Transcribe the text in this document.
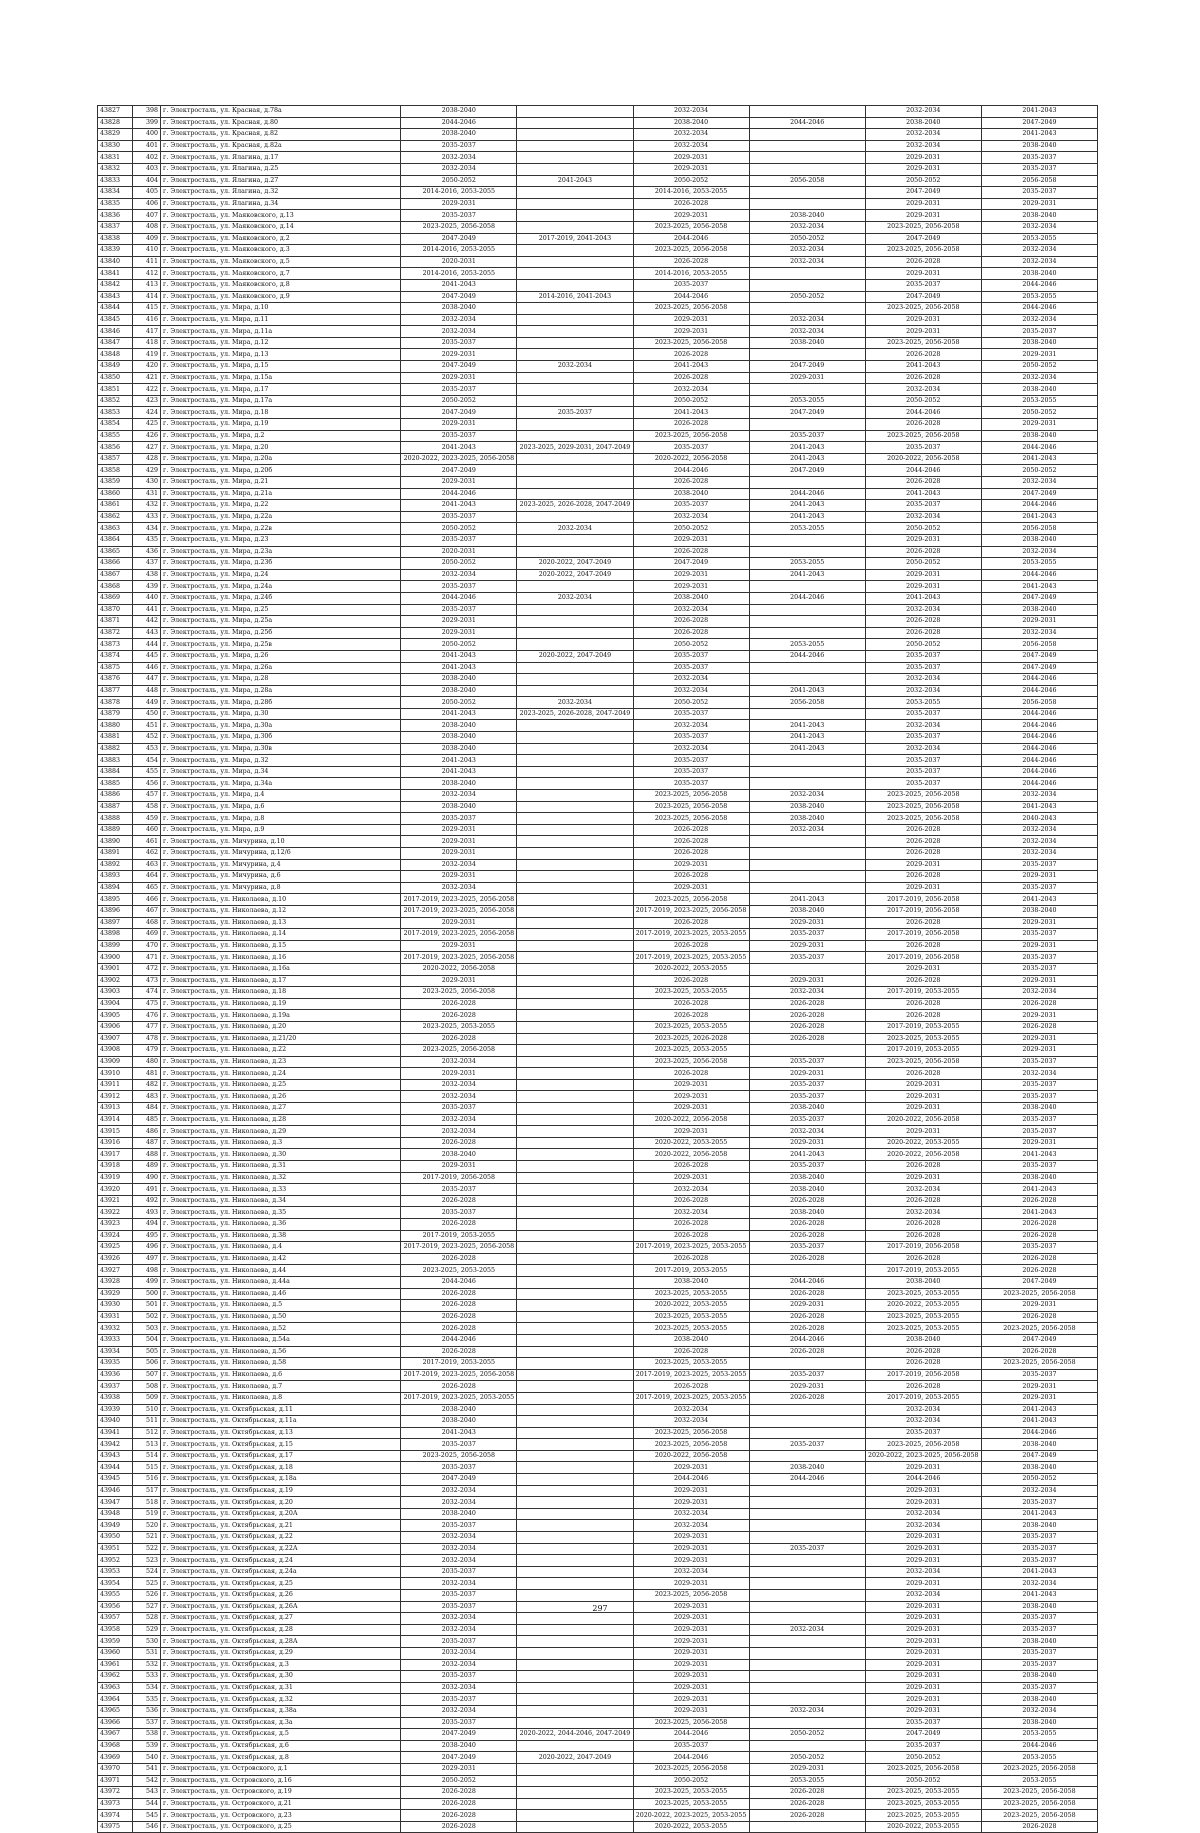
43827	398	г. Электросталь, ул. Красная, д.78а	2038-2040		2032-2034		2032-2034	2041-2043
43828	399	г. Электросталь, ул. Красная, д.80	2044-2046		2038-2040	2044-2046	2038-2040	2047-2049
43829	400	г. Электросталь, ул. Красная, д.82	2038-2040		2032-2034		2032-2034	2041-2043
43830	401	г. Электросталь, ул. Красная, д.82а	2035-2037		2032-2034		2032-2034	2038-2040
43831	402	г. Электросталь, ул. Ялагина, д.17	2032-2034		2029-2031		2029-2031	2035-2037
43832	403	г. Электросталь, ул. Ялагина, д.25	2032-2034		2029-2031		2029-2031	2035-2037
43833	404	г. Электросталь, ул. Ялагина, д.27	2050-2052	2041-2043	2050-2052	2056-2058	2050-2052	2056-2058
43834	405	г. Электросталь, ул. Ялагина, д.32	2014-2016, 2053-2055		2014-2016, 2053-2055		2047-2049	2035-2037
43835	406	г. Электросталь, ул. Ялагина, д.34	2029-2031		2026-2028		2029-2031	2029-2031
43836	407	г. Электросталь, ул. Маяковского, д.13	2035-2037		2029-2031	2038-2040	2029-2031	2038-2040
43837	408	г. Электросталь, ул. Маяковского, д.14	2023-2025, 2056-2058		2023-2025, 2056-2058	2032-2034	2023-2025, 2056-2058	2032-2034
43838	409	г. Электросталь, ул. Маяковского, д.2	2047-2049	2017-2019, 2041-2043	2044-2046	2050-2052	2047-2049	2053-2055
43839	410	г. Электросталь, ул. Маяковского, д.3	2014-2016, 2053-2055		2023-2025, 2056-2058	2032-2034	2023-2025, 2056-2058	2032-2034
43840	411	г. Электросталь, ул. Маяковского, д.5	2020-2031		2026-2028	2032-2034	2026-2028	2032-2034
43841	412	г. Электросталь, ул. Маяковского, д.7	2014-2016, 2053-2055		2014-2016, 2053-2055		2029-2031	2038-2040
43842	413	г. Электросталь, ул. Маяковского, д.8	2041-2043		2035-2037		2035-2037	2044-2046
43843	414	г. Электросталь, ул. Маяковского, д.9	2047-2049	2014-2016, 2041-2043	2044-2046	2050-2052	2047-2049	2053-2055
43844	415	г. Электросталь, ул. Мира, д.10	2038-2040		2023-2025, 2056-2058		2023-2025, 2056-2058	2044-2046
43845	416	г. Электросталь, ул. Мира, д.11	2032-2034		2029-2031	2032-2034	2029-2031	2032-2034
43846	417	г. Электросталь, ул. Мира, д.11а	2032-2034		2029-2031	2032-2034	2029-2031	2035-2037
43847	418	г. Электросталь, ул. Мира, д.12	2035-2037		2023-2025, 2056-2058	2038-2040	2023-2025, 2056-2058	2038-2040
43848	419	г. Электросталь, ул. Мира, д.13	2029-2031		2026-2028		2026-2028	2029-2031
43849	420	г. Электросталь, ул. Мира, д.15	2047-2049	2032-2034	2041-2043	2047-2049	2041-2043	2050-2052
43850	421	г. Электросталь, ул. Мира, д.15а	2029-2031		2026-2028	2029-2031	2026-2028	2032-2034
43851	422	г. Электросталь, ул. Мира, д.17	2035-2037		2032-2034		2032-2034	2038-2040
43852	423	г. Электросталь, ул. Мира, д.17а	2050-2052		2050-2052	2053-2055	2050-2052	2053-2055
43853	424	г. Электросталь, ул. Мира, д.18	2047-2049	2035-2037	2041-2043	2047-2049	2044-2046	2050-2052
43854	425	г. Электросталь, ул. Мира, д.19	2029-2031		2026-2028		2026-2028	2029-2031
43855	426	г. Электросталь, ул. Мира, д.2	2035-2037		2023-2025, 2056-2058	2035-2037	2023-2025, 2056-2058	2038-2040
43856	427	г. Электросталь, ул. Мира, д.20	2041-2043	2023-2025, 2029-2031, 2047-2049	2035-2037	2041-2043	2035-2037	2044-2046
43857	428	г. Электросталь, ул. Мира, д.20а	2020-2022, 2023-2025, 2056-2058		2020-2022, 2056-2058	2041-2043	2020-2022, 2056-2058	2041-2043
43858	429	г. Электросталь, ул. Мира, д.20б	2047-2049		2044-2046	2047-2049	2044-2046	2050-2052
43859	430	г. Электросталь, ул. Мира, д.21	2029-2031		2026-2028		2026-2028	2032-2034
43860	431	г. Электросталь, ул. Мира, д.21а	2044-2046		2038-2040	2044-2046	2041-2043	2047-2049
43861	432	г. Электросталь, ул. Мира, д.22	2041-2043	2023-2025, 2026-2028, 2047-2049	2035-2037	2041-2043	2035-2037	2044-2046
43862	433	г. Электросталь, ул. Мира, д.22а	2035-2037		2032-2034	2041-2043	2032-2034	2041-2043
43863	434	г. Электросталь, ул. Мира, д.22в	2050-2052	2032-2034	2050-2052	2053-2055	2050-2052	2056-2058
43864	435	г. Электросталь, ул. Мира, д.23	2035-2037		2029-2031		2029-2031	2038-2040
43865	436	г. Электросталь, ул. Мира, д.23а	2020-2031		2026-2028		2026-2028	2032-2034
43866	437	г. Электросталь, ул. Мира, д.23б	2050-2052	2020-2022, 2047-2049	2047-2049	2053-2055	2050-2052	2053-2055
43867	438	г. Электросталь, ул. Мира, д.24	2032-2034	2020-2022, 2047-2049	2029-2031	2041-2043	2029-2031	2044-2046
43868	439	г. Электросталь, ул. Мира, д.24а	2035-2037		2029-2031		2029-2031	2041-2043
43869	440	г. Электросталь, ул. Мира, д.24б	2044-2046	2032-2034	2038-2040	2044-2046	2041-2043	2047-2049
43870	441	г. Электросталь, ул. Мира, д.25	2035-2037		2032-2034		2032-2034	2038-2040
43871	442	г. Электросталь, ул. Мира, д.25а	2029-2031		2026-2028		2026-2028	2029-2031
43872	443	г. Электросталь, ул. Мира, д.25б	2029-2031		2026-2028		2026-2028	2032-2034
43873	444	г. Электросталь, ул. Мира, д.25в	2050-2052		2050-2052	2053-2055	2050-2052	2056-2058
43874	445	г. Электросталь, ул. Мира, д.26	2041-2043	2020-2022, 2047-2049	2035-2037	2044-2046	2035-2037	2047-2049
43875	446	г. Электросталь, ул. Мира, д.26а	2041-2043		2035-2037		2035-2037	2047-2049
43876	447	г. Электросталь, ул. Мира, д.28	2038-2040		2032-2034		2032-2034	2044-2046
43877	448	г. Электросталь, ул. Мира, д.28а	2038-2040		2032-2034	2041-2043	2032-2034	2044-2046
43878	449	г. Электросталь, ул. Мира, д.28б	2050-2052	2032-2034	2050-2052	2056-2058	2053-2055	2056-2058
43879	450	г. Электросталь, ул. Мира, д.30	2041-2043	2023-2025, 2026-2028, 2047-2049	2035-2037		2035-2037	2044-2046
43880	451	г. Электросталь, ул. Мира, д.30а	2038-2040		2032-2034	2041-2043	2032-2034	2044-2046
43881	452	г. Электросталь, ул. Мира, д.30б	2038-2040		2035-2037	2041-2043	2035-2037	2044-2046
43882	453	г. Электросталь, ул. Мира, д.30в	2038-2040		2032-2034	2041-2043	2032-2034	2044-2046
43883	454	г. Электросталь, ул. Мира, д.32	2041-2043		2035-2037		2035-2037	2044-2046
43884	455	г. Электросталь, ул. Мира, д.34	2041-2043		2035-2037		2035-2037	2044-2046
43885	456	г. Электросталь, ул. Мира, д.34а	2038-2040		2035-2037		2035-2037	2044-2046
43886	457	г. Электросталь, ул. Мира, д.4	2032-2034		2023-2025, 2056-2058	2032-2034	2023-2025, 2056-2058	2032-2034
43887	458	г. Электросталь, ул. Мира, д.6	2038-2040		2023-2025, 2056-2058	2038-2040	2023-2025, 2056-2058	2041-2043
43888	459	г. Электросталь, ул. Мира, д.8	2035-2037		2023-2025, 2056-2058	2038-2040	2023-2025, 2056-2058	2040-2043
43889	460	г. Электросталь, ул. Мира, д.9	2029-2031		2026-2028	2032-2034	2026-2028	2032-2034
43890	461	г. Электросталь, ул. Мичурина, д.10	2029-2031		2026-2028		2026-2028	2032-2034
43891	462	г. Электросталь, ул. Мичурина, д.12/6	2029-2031		2026-2028		2026-2028	2032-2034
43892	463	г. Электросталь, ул. Мичурина, д.4	2032-2034		2029-2031		2029-2031	2035-2037
43893	464	г. Электросталь, ул. Мичурина, д.6	2029-2031		2026-2028		2026-2028	2029-2031
43894	465	г. Электросталь, ул. Мичурина, д.8	2032-2034		2029-2031		2029-2031	2035-2037
43895	466	г. Электросталь, ул. Николаева, д.10	2017-2019, 2023-2025, 2056-2058		2023-2025, 2056-2058	2041-2043	2017-2019, 2056-2058	2041-2043
43896	467	г. Электросталь, ул. Николаева, д.12	2017-2019, 2023-2025, 2056-2058		2017-2019, 2023-2025, 2056-2058	2038-2040	2017-2019, 2056-2058	2038-2040
43897	468	г. Электросталь, ул. Николаева, д.13	2029-2031		2026-2028	2029-2031	2026-2028	2029-2031
43898	469	г. Электросталь, ул. Николаева, д.14	2017-2019, 2023-2025, 2056-2058		2017-2019, 2023-2025, 2053-2055	2035-2037	2017-2019, 2056-2058	2035-2037
43899	470	г. Электросталь, ул. Николаева, д.15	2029-2031		2026-2028	2029-2031	2026-2028	2029-2031
43900	471	г. Электросталь, ул. Николаева, д.16	2017-2019, 2023-2025, 2056-2058		2017-2019, 2023-2025, 2053-2055	2035-2037	2017-2019, 2056-2058	2035-2037
43901	472	г. Электросталь, ул. Николаева, д.16а	2020-2022, 2056-2058		2020-2022, 2053-2055		2029-2031	2035-2037
43902	473	г. Электросталь, ул. Николаева, д.17	2029-2031		2026-2028	2029-2031	2026-2028	2029-2031
43903	474	г. Электросталь, ул. Николаева, д.18	2023-2025, 2056-2058		2023-2025, 2053-2055	2032-2034	2017-2019, 2053-2055	2032-2034
43904	475	г. Электросталь, ул. Николаева, д.19	2026-2028		2026-2028	2026-2028	2026-2028	2026-2028
43905	476	г. Электросталь, ул. Николаева, д.19а	2026-2028		2026-2028	2026-2028	2026-2028	2029-2031
43906	477	г. Электросталь, ул. Николаева, д.20	2023-2025, 2053-2055		2023-2025, 2053-2055	2026-2028	2017-2019, 2053-2055	2026-2028
43907	478	г. Электросталь, ул. Николаева, д.21/20	2026-2028		2023-2025, 2026-2028	2026-2028	2023-2025, 2053-2055	2029-2031
43908	479	г. Электросталь, ул. Николаева, д.22	2023-2025, 2056-2058		2023-2025, 2053-2055		2017-2019, 2053-2055	2029-2031
43909	480	г. Электросталь, ул. Николаева, д.23	2032-2034		2023-2025, 2056-2058	2035-2037	2023-2025, 2056-2058	2035-2037
43910	481	г. Электросталь, ул. Николаева, д.24	2029-2031		2026-2028	2029-2031	2026-2028	2032-2034
43911	482	г. Электросталь, ул. Николаева, д.25	2032-2034		2029-2031	2035-2037	2029-2031	2035-2037
43912	483	г. Электросталь, ул. Николаева, д.26	2032-2034		2029-2031	2035-2037	2029-2031	2035-2037
43913	484	г. Электросталь, ул. Николаева, д.27	2035-2037		2029-2031	2038-2040	2029-2031	2038-2040
43914	485	г. Электросталь, ул. Николаева, д.28	2032-2034		2020-2022, 2056-2058	2035-2037	2020-2022, 2056-2058	2035-2037
43915	486	г. Электросталь, ул. Николаева, д.29	2032-2034		2029-2031	2032-2034	2029-2031	2035-2037
43916	487	г. Электросталь, ул. Николаева, д.3	2026-2028		2020-2022, 2053-2055	2029-2031	2020-2022, 2053-2055	2029-2031
43917	488	г. Электросталь, ул. Николаева, д.30	2038-2040		2020-2022, 2056-2058	2041-2043	2020-2022, 2056-2058	2041-2043
43918	489	г. Электросталь, ул. Николаева, д.31	2029-2031		2026-2028	2035-2037	2026-2028	2035-2037
43919	490	г. Электросталь, ул. Николаева, д.32	2017-2019, 2056-2058		2029-2031	2038-2040	2029-2031	2038-2040
43920	491	г. Электросталь, ул. Николаева, д.33	2035-2037		2032-2034	2038-2040	2032-2034	2041-2043
43921	492	г. Электросталь, ул. Николаева, д.34	2026-2028		2026-2028	2026-2028	2026-2028	2026-2028
43922	493	г. Электросталь, ул. Николаева, д.35	2035-2037		2032-2034	2038-2040	2032-2034	2041-2043
43923	494	г. Электросталь, ул. Николаева, д.36	2026-2028		2026-2028	2026-2028	2026-2028	2026-2028
43924	495	г. Электросталь, ул. Николаева, д.38	2017-2019, 2053-2055		2026-2028	2026-2028	2026-2028	2026-2028
43925	496	г. Электросталь, ул. Николаева, д.4	2017-2019, 2023-2025, 2056-2058		2017-2019, 2023-2025, 2053-2055	2035-2037	2017-2019, 2056-2058	2035-2037
43926	497	г. Электросталь, ул. Николаева, д.42	2026-2028		2026-2028	2026-2028	2026-2028	2026-2028
43927	498	г. Электросталь, ул. Николаева, д.44	2023-2025, 2053-2055		2017-2019, 2053-2055		2017-2019, 2053-2055	2026-2028
43928	499	г. Электросталь, ул. Николаева, д.44а	2044-2046		2038-2040	2044-2046	2038-2040	2047-2049
43929	500	г. Электросталь, ул. Николаева, д.46	2026-2028		2023-2025, 2053-2055	2026-2028	2023-2025, 2053-2055	2023-2025, 2056-2058
43930	501	г. Электросталь, ул. Николаева, д.5	2026-2028		2020-2022, 2053-2055	2029-2031	2020-2022, 2053-2055	2029-2031
43931	502	г. Электросталь, ул. Николаева, д.50	2026-2028		2023-2025, 2053-2055	2026-2028	2023-2025, 2053-2055	2026-2028
43932	503	г. Электросталь, ул. Николаева, д.52	2026-2028		2023-2025, 2053-2055	2026-2028	2023-2025, 2053-2055	2023-2025, 2056-2058
43933	504	г. Электросталь, ул. Николаева, д.54а	2044-2046		2038-2040	2044-2046	2038-2040	2047-2049
43934	505	г. Электросталь, ул. Николаева, д.56	2026-2028		2026-2028	2026-2028	2026-2028	2026-2028
43935	506	г. Электросталь, ул. Николаева, д.58	2017-2019, 2053-2055		2023-2025, 2053-2055		2026-2028	2023-2025, 2056-2058
43936	507	г. Электросталь, ул. Николаева, д.6	2017-2019, 2023-2025, 2056-2058		2017-2019, 2023-2025, 2053-2055	2035-2037	2017-2019, 2056-2058	2035-2037
43937	508	г. Электросталь, ул. Николаева, д.7	2026-2028		2026-2028	2029-2031	2026-2028	2029-2031
43938	509	г. Электросталь, ул. Николаева, д.8	2017-2019, 2023-2025, 2053-2055		2017-2019, 2023-2025, 2053-2055	2026-2028	2017-2019, 2053-2055	2029-2031
43939	510	г. Электросталь, ул. Октябрьская, д.11	2038-2040		2032-2034		2032-2034	2041-2043
43940	511	г. Электросталь, ул. Октябрьская, д.11а	2038-2040		2032-2034		2032-2034	2041-2043
43941	512	г. Электросталь, ул. Октябрьская, д.13	2041-2043		2023-2025, 2056-2058		2035-2037	2044-2046
43942	513	г. Электросталь, ул. Октябрьская, д.15	2035-2037		2023-2025, 2056-2058	2035-2037	2023-2025, 2056-2058	2038-2040
43943	514	г. Электросталь, ул. Октябрьская, д.17	2023-2025, 2056-2058		2020-2022, 2056-2058		2020-2022, 2023-2025, 2056-2058	2047-2049
43944	515	г. Электросталь, ул. Октябрьская, д.18	2035-2037		2029-2031	2038-2040	2029-2031	2038-2040
43945	516	г. Электросталь, ул. Октябрьская, д.18а	2047-2049		2044-2046	2044-2046	2044-2046	2050-2052
43946	517	г. Электросталь, ул. Октябрьская, д.19	2032-2034		2029-2031		2029-2031	2032-2034
43947	518	г. Электросталь, ул. Октябрьская, д.20	2032-2034		2029-2031		2029-2031	2035-2037
43948	519	г. Электросталь, ул. Октябрьская, д.20А	2038-2040		2032-2034		2032-2034	2041-2043
43949	520	г. Электросталь, ул. Октябрьская, д.21	2035-2037		2032-2034		2032-2034	2038-2040
43950	521	г. Электросталь, ул. Октябрьская, д.22	2032-2034		2029-2031		2029-2031	2035-2037
43951	522	г. Электросталь, ул. Октябрьская, д.22А	2032-2034		2029-2031	2035-2037	2029-2031	2035-2037
43952	523	г. Электросталь, ул. Октябрьская, д.24	2032-2034		2029-2031		2029-2031	2035-2037
43953	524	г. Электросталь, ул. Октябрьская, д.24а	2035-2037		2032-2034		2032-2034	2041-2043
43954	525	г. Электросталь, ул. Октябрьская, д.25	2032-2034		2029-2031		2029-2031	2032-2034
43955	526	г. Электросталь, ул. Октябрьская, д.26	2035-2037		2023-2025, 2056-2058		2032-2034	2041-2043
43956	527	г. Электросталь, ул. Октябрьская, д.26А	2035-2037		2029-2031		2029-2031	2038-2040
43957	528	г. Электросталь, ул. Октябрьская, д.27	2032-2034		2029-2031		2029-2031	2035-2037
43958	529	г. Электросталь, ул. Октябрьская, д.28	2032-2034		2029-2031	2032-2034	2029-2031	2035-2037
43959	530	г. Электросталь, ул. Октябрьская, д.28А	2035-2037		2029-2031		2029-2031	2038-2040
43960	531	г. Электросталь, ул. Октябрьская, д.29	2032-2034		2029-2031		2029-2031	2035-2037
43961	532	г. Электросталь, ул. Октябрьская, д.3	2032-2034		2029-2031		2029-2031	2035-2037
43962	533	г. Электросталь, ул. Октябрьская, д.30	2035-2037		2029-2031		2029-2031	2038-2040
43963	534	г. Электросталь, ул. Октябрьская, д.31	2032-2034		2029-2031		2029-2031	2035-2037
43964	535	г. Электросталь, ул. Октябрьская, д.32	2035-2037		2029-2031		2029-2031	2038-2040
43965	536	г. Электросталь, ул. Октябрьская, д.38а	2032-2034		2029-2031	2032-2034	2029-2031	2032-2034
43966	537	г. Электросталь, ул. Октябрьская, д.3а	2035-2037		2023-2025, 2056-2058		2035-2037	2038-2040
43967	538	г. Электросталь, ул. Октябрьская, д.5	2047-2049	2020-2022, 2044-2046, 2047-2049	2044-2046	2050-2052	2047-2049	2053-2055
43968	539	г. Электросталь, ул. Октябрьская, д.6	2038-2040		2035-2037		2035-2037	2044-2046
43969	540	г. Электросталь, ул. Октябрьская, д.8	2047-2049	2020-2022, 2047-2049	2044-2046	2050-2052	2050-2052	2053-2055
43970	541	г. Электросталь, ул. Островского, д.1	2029-2031		2023-2025, 2056-2058	2029-2031	2023-2025, 2056-2058	2023-2025, 2056-2058
43971	542	г. Электросталь, ул. Островского, д.16	2050-2052		2050-2052	2053-2055	2050-2052	2053-2055
43972	543	г. Электросталь, ул. Островского, д.19	2026-2028		2023-2025, 2053-2055	2026-2028	2023-2025, 2053-2055	2023-2025, 2056-2058
43973	544	г. Электросталь, ул. Островского, д.21	2026-2028		2023-2025, 2053-2055	2026-2028	2023-2025, 2053-2055	2023-2025, 2056-2058
43974	545	г. Электросталь, ул. Островского, д.23	2026-2028		2020-2022, 2023-2025, 2053-2055	2026-2028	2023-2025, 2053-2055	2023-2025, 2056-2058
43975	546	г. Электросталь, ул. Островского, д.25	2026-2028		2020-2022, 2053-2055		2020-2022, 2053-2055	2026-2028
297
